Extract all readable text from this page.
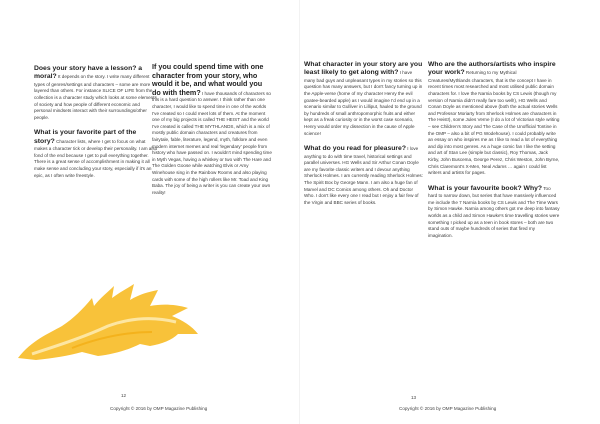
Does your story have a lesson? a moral? It depends on the story. I write many different types of genres/settings and characters – some are more layered than others. For instance SLICE OF LIFE from the collection is a character study which looks at some elements of society and how people of different economic and personal mindsets interact with their surroundings/other people.
What is your favorite part of the story? Character lists, where I get to focus on what makes a character tick or develop their personality. I am also fond of the end because I get to pull everything together. There is a great sense of accomplishment in making it all make sense and concluding your story, especially if it's an epic, as I often write freestyle.
If you could spend time with one character from your story, who would it be, and what would you do with them? I have thousands of characters so this is a hard question to answer. I think rather than one character, I would like to spend time in one of the worlds I've created so I could meet lots of them. At the moment one of my big projects is called THE HEIST and the world I've created is called THE MYTHLANDS, which is a mix of mostly public domain characters and creatures from fairytale, fable, literature, legend, myth, folklore and even modern internet memes and real 'legendary' people from history who have passed on. I wouldn't mind spending time in Myth Vegas, having a whiskey or two with The Hare and The Golden Goose while watching Elvis or Amy Winehouse sing in the Rainbow Rooms and also playing cards with some of the high rollers like Mr. Toad and King Baba. The joy of being a writer is you can create your own reality!
12
Copyright © 2016 by OMP Magazine Publishing
What character in your story are you least likely to get along with? I have many bad guys and unpleasant types in my stories so this question has many answers, but I don't fancy turning up in the Apple-verse (home of my character Henry the evil goatee-bearded apple) as I would imagine I'd end up in a scenario similar to Gulliver in Lilliput, hauled to the ground by hundreds of small anthropomorphic fruits and either kept as a freak curiosity or in the worst case scenario, Henry would order my dissection in the cause of Apple science!
What do you read for pleasure? I love anything to do with time travel, historical settings and parallel universes. HG Wells and Sir Arthur Conan Doyle are my favorite classic writers and I devour anything Sherlock Holmes. I am currently reading Sherlock Holmes: The Spirit Box by George Mann. I am also a huge fan of Marvel and DC Comics among others. Oh and Doctor Who. I don't like every one I read but I enjoy a fair few of the Virgin and BBC series of books.
Who are the authors/artists who inspire your work? Returning to my Mythical Creatures/Mythlands characters, that is the concept I have in recent times most researched and most utilised public domain characters for. I love the Narnia books by CS Lewis (though my version of Narnia didn't really fare too well!), HG Wells and Conan Doyle as mentioned above (both the actual stories Wells and Professor Moriarty from Sherlock Holmes are characters in The Heist!), some Jules Verne (I do a lot of Victorian style writing – see Children's Story and The Case of the Unofficial Tontine in the OMP – also a bit of PG Wodehouse). I could probably write an essay on who inspires me as I like to read a lot of everything and dip into most genres. As a huge comic fan I like the setting and art of Stan Lee (simple but classic), Roy Thomas, Jack Kirby, John Buscema, George Perez, Chris Weston, John Byrne, Chris Claremont's X-Men, Neal Adams … again I could list writers and artists for pages.
What is your favourite book? Why? Too hard to narrow down, but series that have massively influenced me include the 7 Narnia books by CS Lewis and The Time Wars by Simon Hawke. Narnia among others got me deep into fantasy worlds as a child and Simon Hawke's time travelling stories were something I picked up as a teen in book stores – both are two stand outs of maybe hundreds of series that fired my imagination.
13
Copyright © 2016 by OMP Magazine Publishing
